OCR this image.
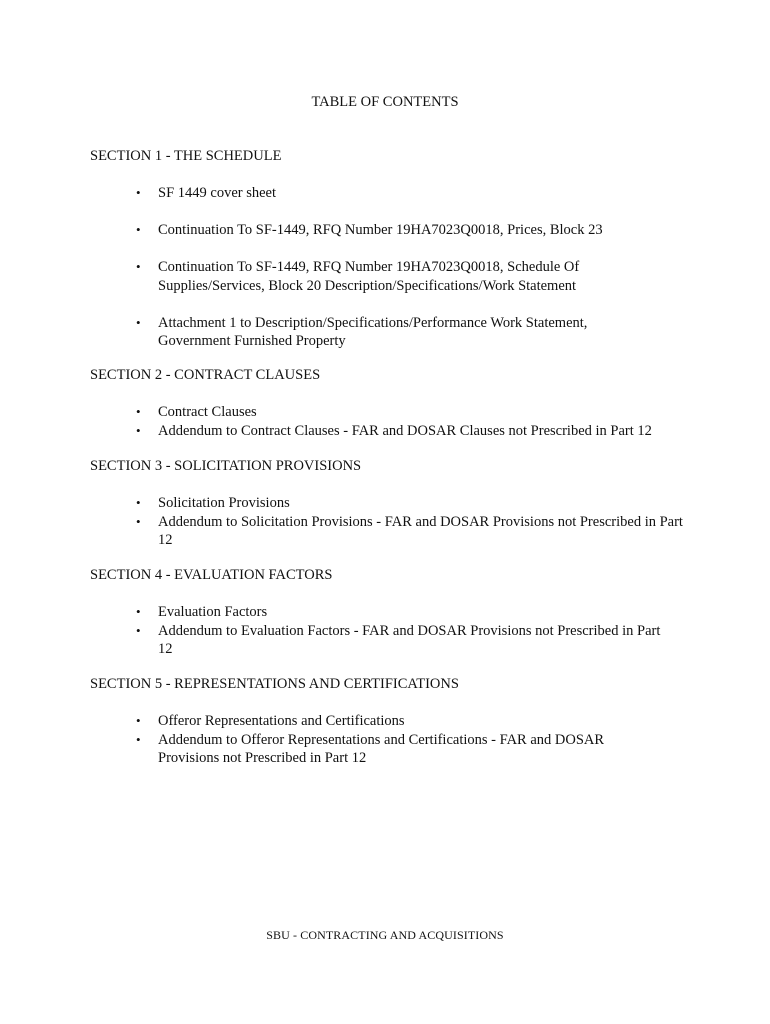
TABLE OF CONTENTS
SECTION 1 - THE SCHEDULE
• SF 1449 cover sheet
• Continuation To SF-1449, RFQ Number 19HA7023Q0018, Prices, Block 23
• Continuation To SF-1449, RFQ Number 19HA7023Q0018, Schedule Of Supplies/Services, Block 20 Description/Specifications/Work Statement
• Attachment 1 to Description/Specifications/Performance Work Statement, Government Furnished Property
SECTION 2 - CONTRACT CLAUSES
• Contract Clauses
• Addendum to Contract Clauses - FAR and DOSAR Clauses not Prescribed in Part 12
SECTION 3 - SOLICITATION PROVISIONS
• Solicitation Provisions
• Addendum to Solicitation Provisions - FAR and DOSAR Provisions not Prescribed in Part 12
SECTION 4 - EVALUATION FACTORS
• Evaluation Factors
• Addendum to Evaluation Factors - FAR and DOSAR Provisions not Prescribed in Part 12
SECTION 5 - REPRESENTATIONS AND CERTIFICATIONS
• Offeror Representations and Certifications
• Addendum to Offeror Representations and Certifications - FAR and DOSAR Provisions not Prescribed in Part 12
SBU - CONTRACTING AND ACQUISITIONS
